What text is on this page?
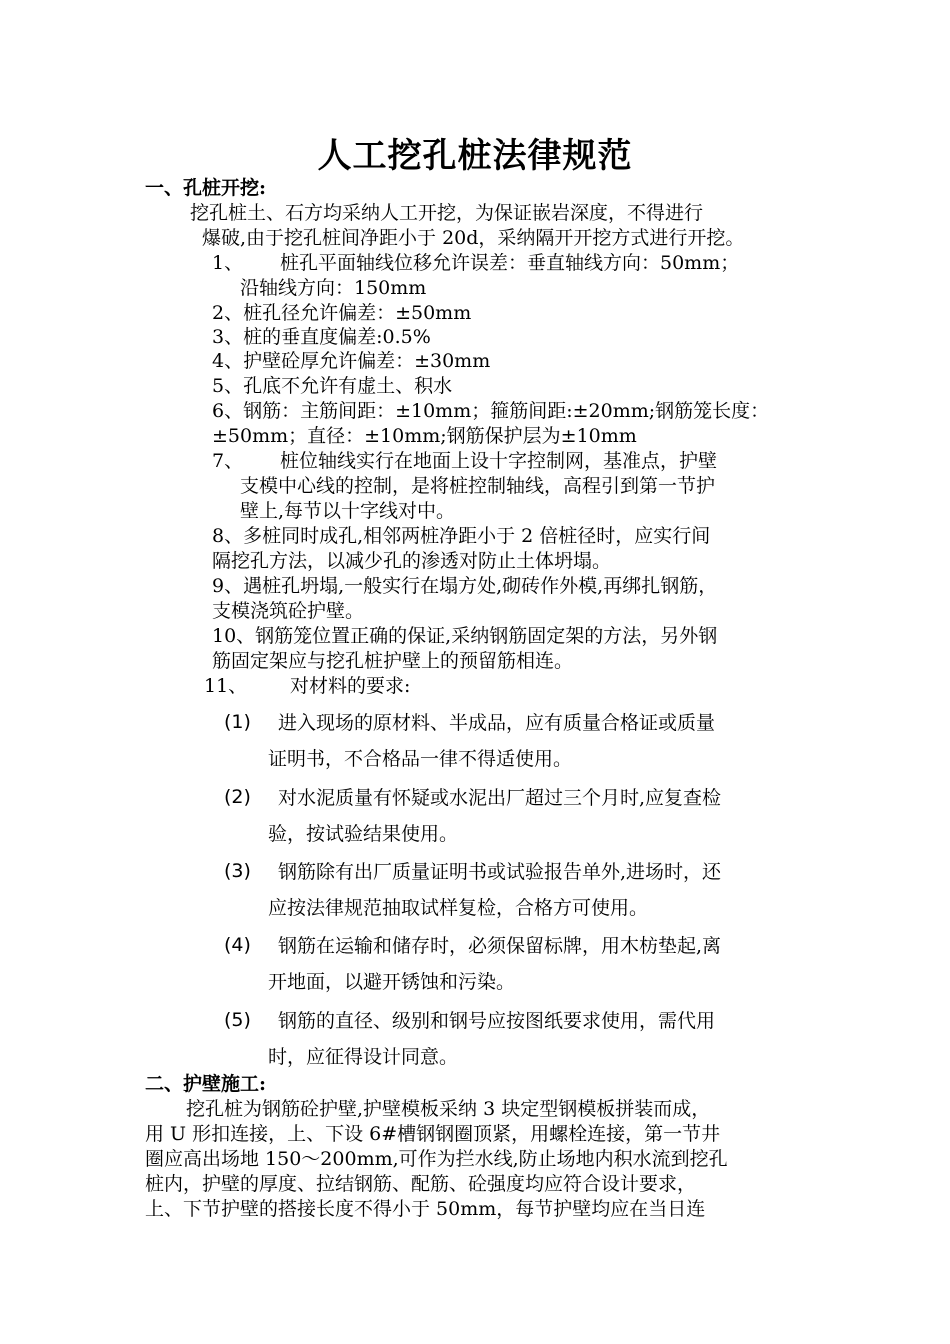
人工挖孔桩法律规范
一、孔桩开挖:
挖孔桩土、石方均采纳人工开挖，为保证嵌岩深度，不得进行
爆破,由于挖孔桩间净距小于 20d，采纳隔开开挖方式进行开挖。
1、 桩孔平面轴线位移允许误差：垂直轴线方向：50mm；
沿轴线方向：150mm
2、桩孔径允许偏差：±50mm
3、桩的垂直度偏差:0.5%
4、护壁砼厚允许偏差：±30mm
5、孔底不允许有虚土、积水
6、钢筋：主筋间距：±10mm；箍筋间距:±20mm;钢筋笼长度：
±50mm；直径：±10mm;钢筋保护层为±10mm
7、 桩位轴线实行在地面上设十字控制网，基准点，护壁
支模中心线的控制，是将桩控制轴线，高程引到第一节护
壁上,每节以十字线对中。
8、多桩同时成孔,相邻两桩净距小于 2 倍桩径时，应实行间
隔挖孔方法，以减少孔的渗透对防止土体坍塌。
9、遇桩孔坍塌,一般实行在塌方处,砌砖作外模,再绑扎钢筋，
支模浇筑砼护壁。
10、钢筋笼位置正确的保证,采纳钢筋固定架的方法，另外钢
筋固定架应与挖孔桩护壁上的预留筋相连。
11、 对材料的要求:
(1) 进入现场的原材料、半成品，应有质量合格证或质量
证明书，不合格品一律不得适使用。
(2) 对水泥质量有怀疑或水泥出厂超过三个月时,应复查检
验，按试验结果使用。
(3) 钢筋除有出厂质量证明书或试验报告单外,进场时，还
应按法律规范抽取试样复检，合格方可使用。
(4) 钢筋在运输和储存时，必须保留标牌，用木枋垫起,离
开地面，以避开锈蚀和污染。
(5) 钢筋的直径、级别和钢号应按图纸要求使用，需代用
时，应征得设计同意。
二、护壁施工:
挖孔桩为钢筋砼护壁,护壁模板采纳 3 块定型钢模板拼装而成，
用 U 形扣连接，上、下设 6#槽钢钢圈顶紧，用螺栓连接，第一节井
圈应高出场地 150～200mm,可作为拦水线,防止场地内积水流到挖孔
桩内，护壁的厚度、拉结钢筋、配筋、砼强度均应符合设计要求，
上、下节护壁的搭接长度不得小于 50mm，每节护壁均应在当日连
